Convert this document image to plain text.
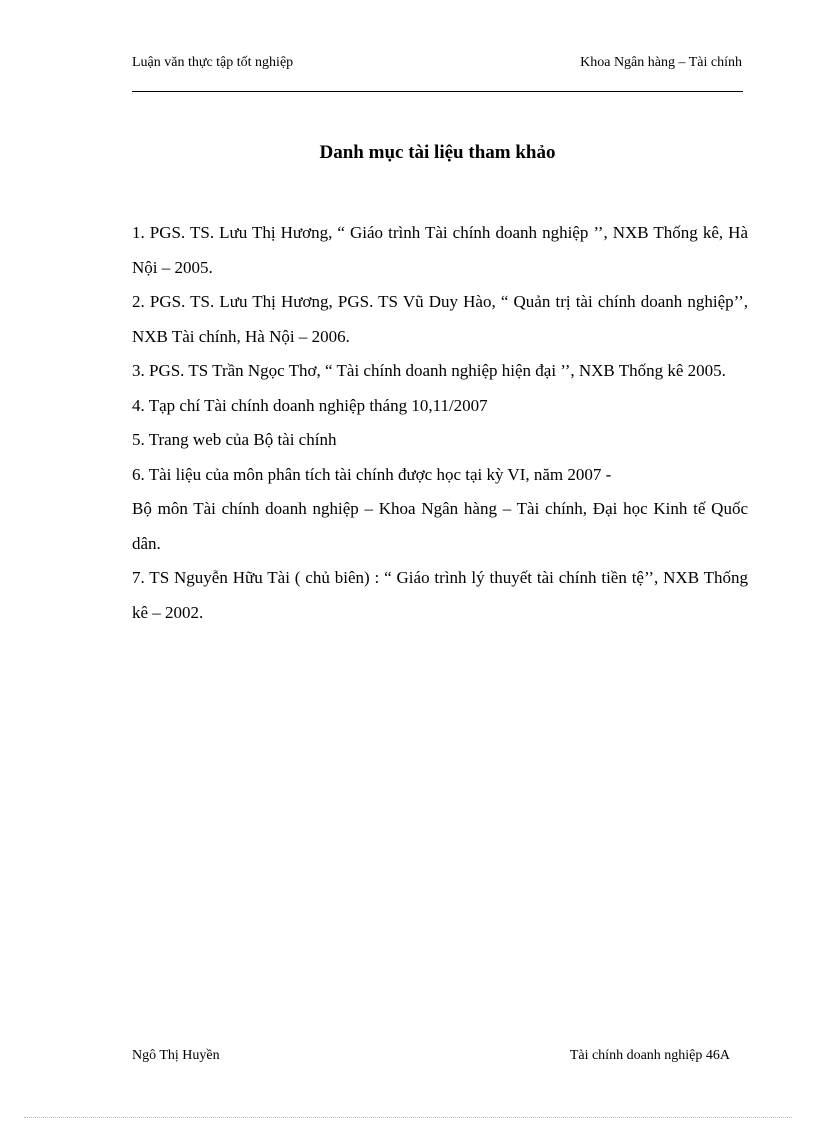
Luận văn thực tập tốt nghiệp	Khoa Ngân hàng – Tài chính
Danh mục tài liệu tham khảo

1. PGS. TS. Lưu Thị Hương, “ Giáo trình Tài chính doanh nghiệp ’’, NXB Thống kê, Hà Nội – 2005.

2. PGS. TS. Lưu Thị Hương, PGS. TS Vũ Duy Hào, “ Quản trị tài chính doanh nghiệp’’, NXB Tài chính, Hà Nội – 2006.

3. PGS. TS Trần Ngọc Thơ, “ Tài chính doanh nghiệp hiện đại ’’, NXB Thống kê 2005.

4. Tạp chí Tài chính doanh nghiệp tháng 10,11/2007

5. Trang web của Bộ tài chính

6. Tài liệu của môn phân tích tài chính được học tại kỳ VI, năm 2007 -

Bộ môn Tài chính doanh nghiệp – Khoa Ngân hàng – Tài chính, Đại học Kinh tế Quốc dân.

7. TS Nguyễn Hữu Tài ( chủ biên) : “ Giáo trình lý thuyết tài chính tiền tệ’’, NXB Thống kê – 2002.

Ngô Thị Huyền	Tài chính doanh nghiệp 46A
